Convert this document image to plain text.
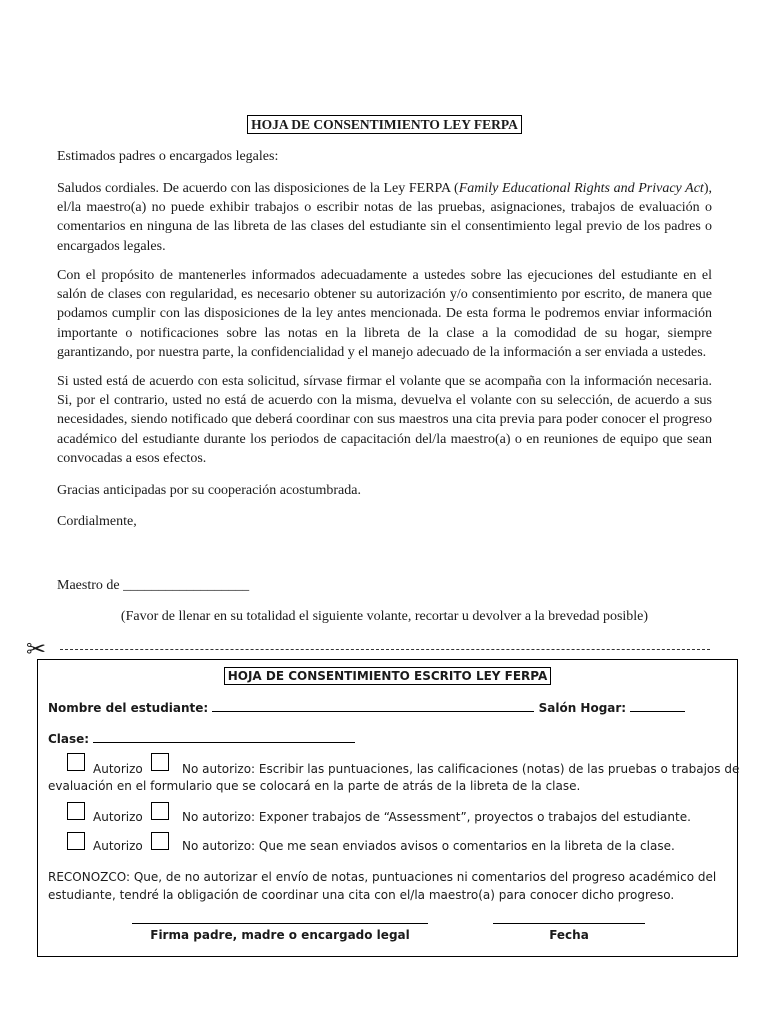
HOJA DE CONSENTIMIENTO LEY FERPA

Estimados padres o encargados legales:

Saludos cordiales. De acuerdo con las disposiciones de la Ley FERPA (Family Educational Rights and Privacy Act), el/la maestro(a) no puede exhibir trabajos o escribir notas de las pruebas, asignaciones, trabajos de evaluación o comentarios en ninguna de las libreta de las clases del estudiante sin el consentimiento legal previo de los padres o encargados legales.

Con el propósito de mantenerles informados adecuadamente a ustedes sobre las ejecuciones del estudiante en el salón de clases con regularidad, es necesario obtener su autorización y/o consentimiento por escrito, de manera que podamos cumplir con las disposiciones de la ley antes mencionada. De esta forma le podremos enviar información importante o notificaciones sobre las notas en la libreta de la clase a la comodidad de su hogar, siempre garantizando, por nuestra parte, la confidencialidad y el manejo adecuado de la información a ser enviada a ustedes.

Si usted está de acuerdo con esta solicitud, sírvase firmar el volante que se acompaña con la información necesaria. Si, por el contrario, usted no está de acuerdo con la misma, devuelva el volante con su selección, de acuerdo a sus necesidades, siendo notificado que deberá coordinar con sus maestros una cita previa para poder conocer el progreso académico del estudiante durante los periodos de capacitación del/la maestro(a) o en reuniones de equipo que sean convocadas a esos efectos.

Gracias anticipadas por su cooperación acostumbrada.

Cordialmente,

Maestro de __________________

(Favor de llenar en su totalidad el siguiente volante, recortar u devolver a la brevedad posible)
✂
HOJA DE CONSENTIMIENTO ESCRITO LEY FERPA
Nombre del estudiante:	Salón Hogar:
Clase:
Autorizo	No autorizo: Escribir las puntuaciones, las calificaciones (notas) de las pruebas o trabajos de
evaluación en el formulario que se colocará en la parte de atrás de la libreta de la clase.
Autorizo	No autorizo: Exponer trabajos de “Assessment”, proyectos o trabajos del estudiante.
Autorizo	No autorizo: Que me sean enviados avisos o comentarios en la libreta de la clase.
RECONOZCO: Que, de no autorizar el envío de notas, puntuaciones ni comentarios del progreso académico del
estudiante, tendré la obligación de coordinar una cita con el/la maestro(a) para conocer dicho progreso.
Firma padre, madre o encargado legal	Fecha
